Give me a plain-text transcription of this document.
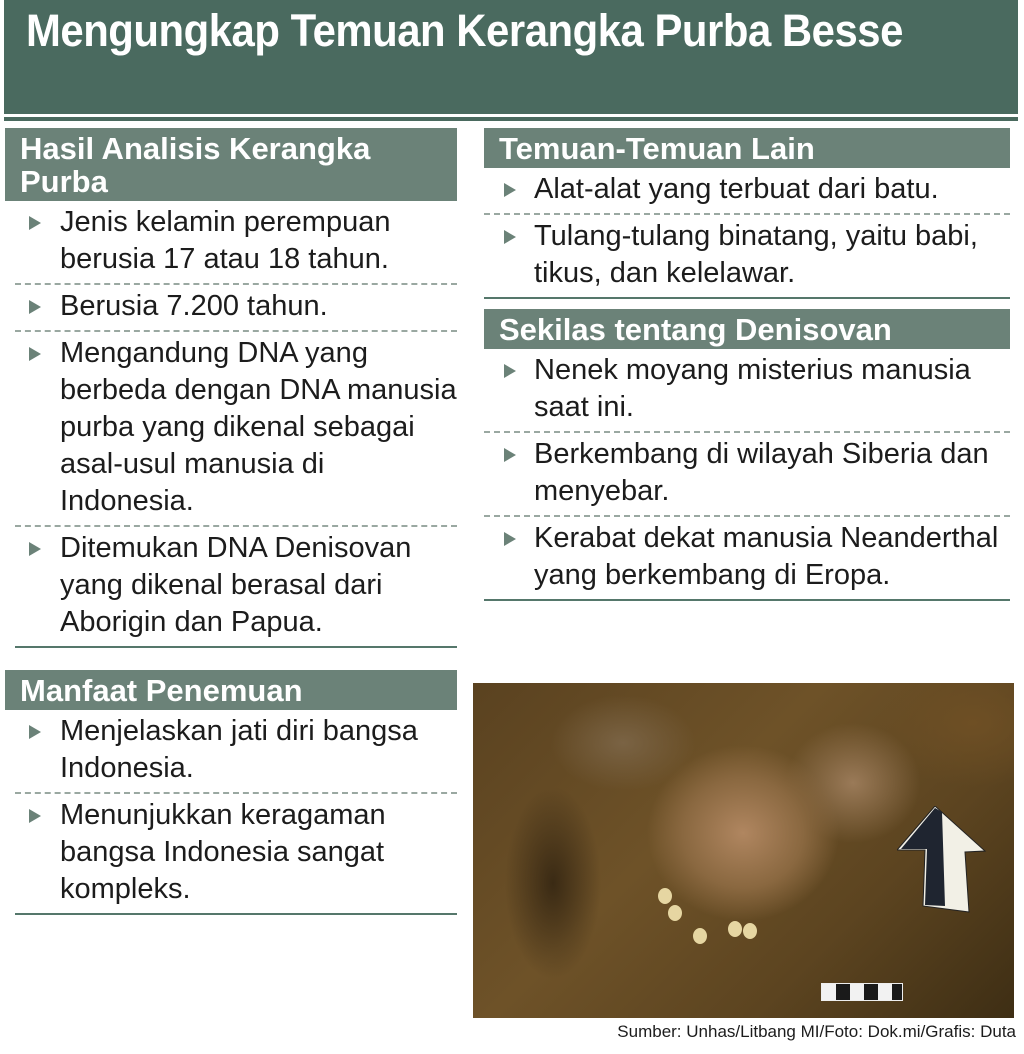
Mengungkap Temuan Kerangka Purba Besse
Hasil Analisis Kerangka Purba
Jenis kelamin perempuan berusia 17 atau 18 tahun.
Berusia 7.200 tahun.
Mengandung DNA yang berbeda dengan DNA manusia purba yang dikenal sebagai asal-usul manusia di Indonesia.
Ditemukan DNA Denisovan yang dikenal berasal dari Aborigin dan Papua.
Manfaat Penemuan
Menjelaskan jati diri bangsa Indonesia.
Menunjukkan keragaman bangsa Indonesia sangat kompleks.
Temuan-Temuan Lain
Alat-alat yang terbuat dari batu.
Tulang-tulang binatang, yaitu babi, tikus, dan kelelawar.
Sekilas tentang Denisovan
Nenek moyang misterius manusia saat ini.
Berkembang di wilayah Siberia dan menyebar.
Kerabat dekat manusia Neanderthal yang berkembang di Eropa.
Sumber: Unhas/Litbang MI/Foto: Dok.mi/Grafis: Duta
